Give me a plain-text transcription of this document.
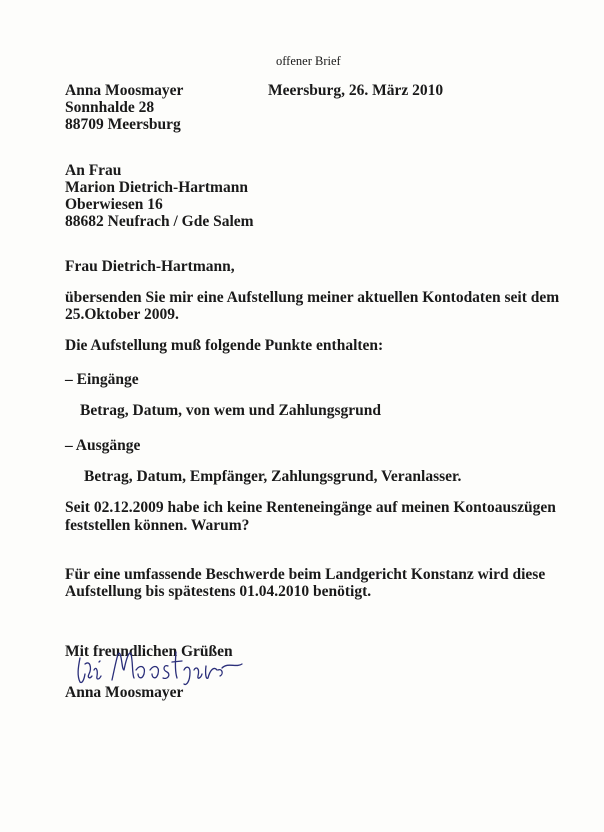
offener Brief
Anna Moosmayer	Meersburg, 26. März 2010
Sonnhalde 28
88709 Meersburg
An Frau
Marion Dietrich-Hartmann
Oberwiesen 16
88682 Neufrach / Gde Salem
Frau Dietrich-Hartmann,
übersenden Sie mir eine Aufstellung meiner aktuellen Kontodaten seit dem
25.Oktober 2009.
Die Aufstellung muß folgende Punkte enthalten:
– Eingänge
Betrag, Datum, von wem und Zahlungsgrund
– Ausgänge
Betrag, Datum, Empfänger, Zahlungsgrund, Veranlasser.
Seit 02.12.2009 habe ich keine Renteneingänge auf meinen Kontoauszügen
feststellen können. Warum?
Für eine umfassende Beschwerde beim Landgericht Konstanz wird diese
Aufstellung bis spätestens 01.04.2010 benötigt.
Mit freundlichen Grüßen
Anna Moosmayer
